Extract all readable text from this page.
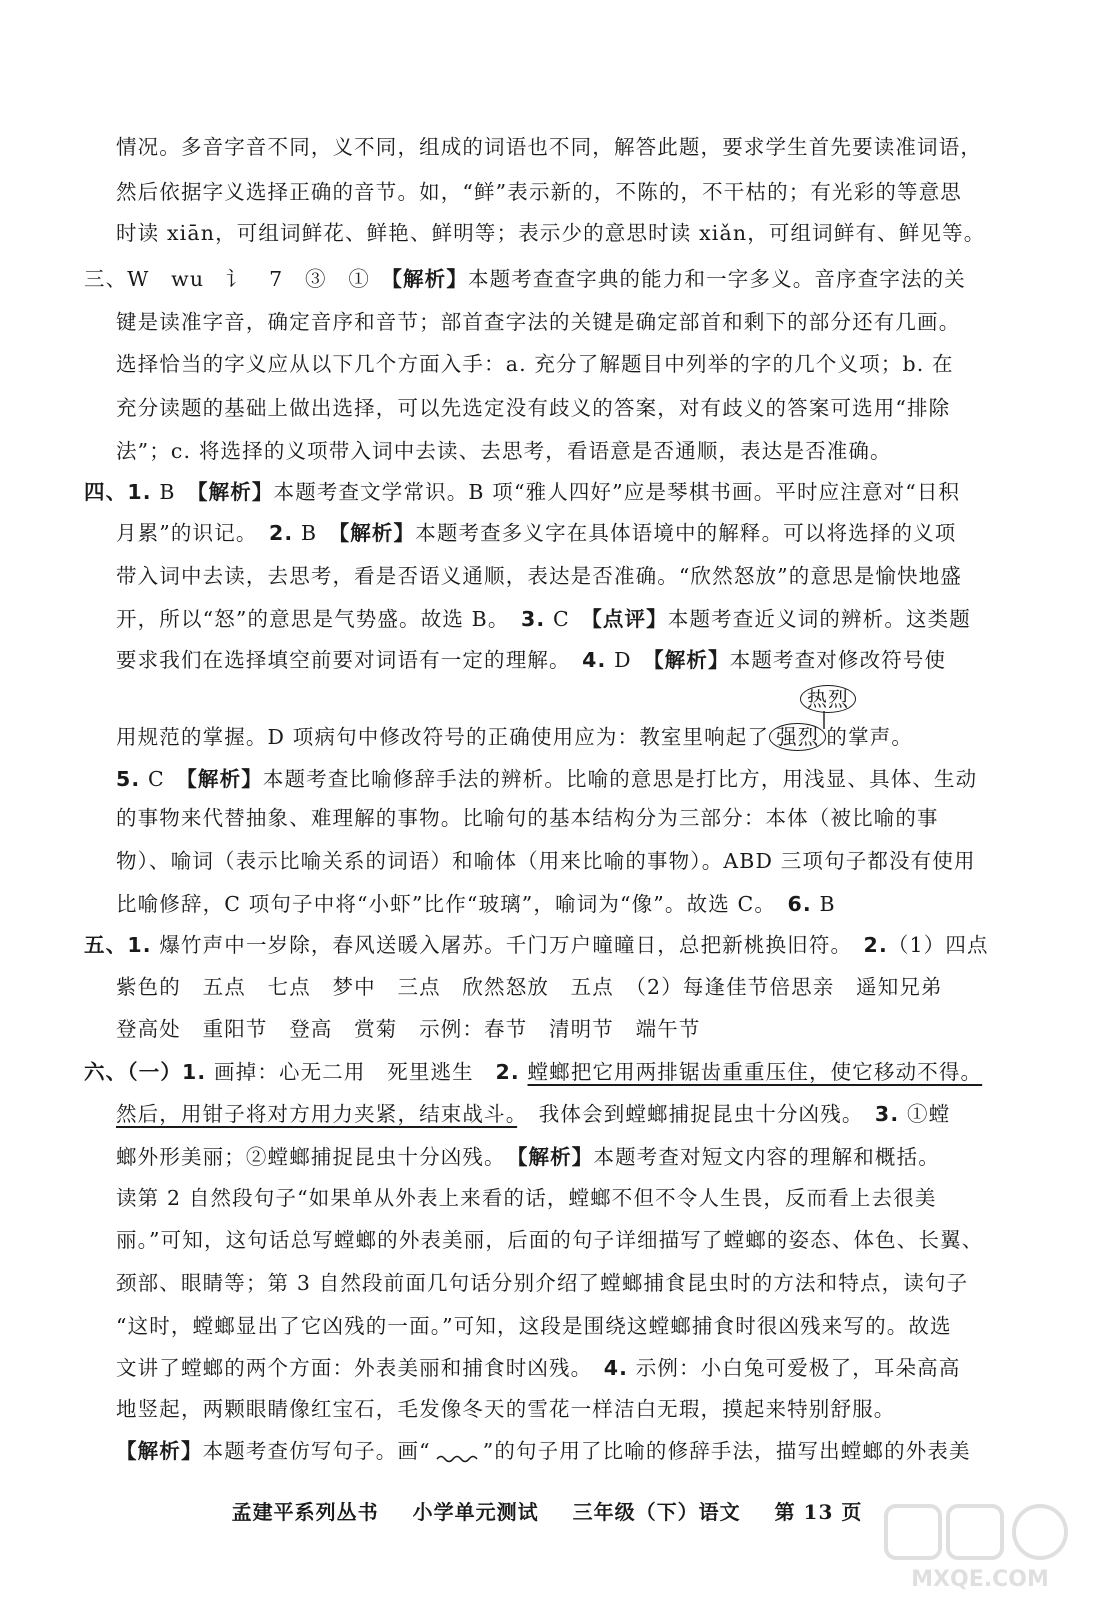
情况。多音字音不同，义不同，组成的词语也不同，解答此题，要求学生首先要读准词语，
然后依据字义选择正确的音节。如，“鲜”表示新的，不陈的，不干枯的；有光彩的等意思
时读 xiān，可组词鲜花、鲜艳、鲜明等；表示少的意思时读 xiǎn，可组词鲜有、鲜见等。
三、W　wu　讠　7　③　①　【解析】本题考查查字典的能力和一字多义。音序查字法的关
键是读准字音，确定音序和音节；部首查字法的关键是确定部首和剩下的部分还有几画。
选择恰当的字义应从以下几个方面入手：a. 充分了解题目中列举的字的几个义项；b. 在
充分读题的基础上做出选择，可以先选定没有歧义的答案，对有歧义的答案可选用“排除
法”；c. 将选择的义项带入词中去读、去思考，看语意是否通顺，表达是否准确。
四、1. B　【解析】本题考查文学常识。B 项“雅人四好”应是琴棋书画。平时应注意对“日积
月累”的识记。　2. B　【解析】本题考查多义字在具体语境中的解释。可以将选择的义项
带入词中去读，去思考，看是否语义通顺，表达是否准确。“欣然怒放”的意思是愉快地盛
开，所以“怒”的意思是气势盛。故选 B。　3. C　【点评】本题考查近义词的辨析。这类题
要求我们在选择填空前要对词语有一定的理解。　4. D　【解析】本题考查对修改符号使
热烈
用规范的掌握。D 项病句中修改符号的正确使用应为：教室里响起了 强烈 的掌声。
5. C　【解析】本题考查比喻修辞手法的辨析。比喻的意思是打比方，用浅显、具体、生动
的事物来代替抽象、难理解的事物。比喻句的基本结构分为三部分：本体（被比喻的事
物）、喻词（表示比喻关系的词语）和喻体（用来比喻的事物）。ABD 三项句子都没有使用
比喻修辞，C 项句子中将“小虾”比作“玻璃”，喻词为“像”。故选 C。　6. B
五、1. 爆竹声中一岁除，春风送暖入屠苏。千门万户曈曈日，总把新桃换旧符。　2.（1）四点
紫色的　五点　七点　梦中　三点　欣然怒放　五点　（2）每逢佳节倍思亲　遥知兄弟
登高处　重阳节　登高　赏菊　示例：春节　清明节　端午节
六、（一）1. 画掉：心无二用　死里逃生　2. 螳螂把它用两排锯齿重重压住，使它移动不得。
然后，用钳子将对方用力夹紧，结束战斗。　我体会到螳螂捕捉昆虫十分凶残。　3. ①螳
螂外形美丽；②螳螂捕捉昆虫十分凶残。　【解析】本题考查对短文内容的理解和概括。
读第 2 自然段句子“如果单从外表上来看的话，螳螂不但不令人生畏，反而看上去很美
丽。”可知，这句话总写螳螂的外表美丽，后面的句子详细描写了螳螂的姿态、体色、长翼、
颈部、眼睛等；第 3 自然段前面几句话分别介绍了螳螂捕食昆虫时的方法和特点，读句子
“这时，螳螂显出了它凶残的一面。”可知，这段是围绕这螳螂捕食时很凶残来写的。故选
文讲了螳螂的两个方面：外表美丽和捕食时凶残。　4. 示例：小白兔可爱极了，耳朵高高
地竖起，两颗眼睛像红宝石，毛发像冬天的雪花一样洁白无瑕，摸起来特别舒服。
【解析】本题考查仿写句子。画“	”的句子用了比喻的修辞手法，描写出螳螂的外表美
孟建平系列丛书 小学单元测试 三年级（下）语文 第 13 页
MXQE.COM
